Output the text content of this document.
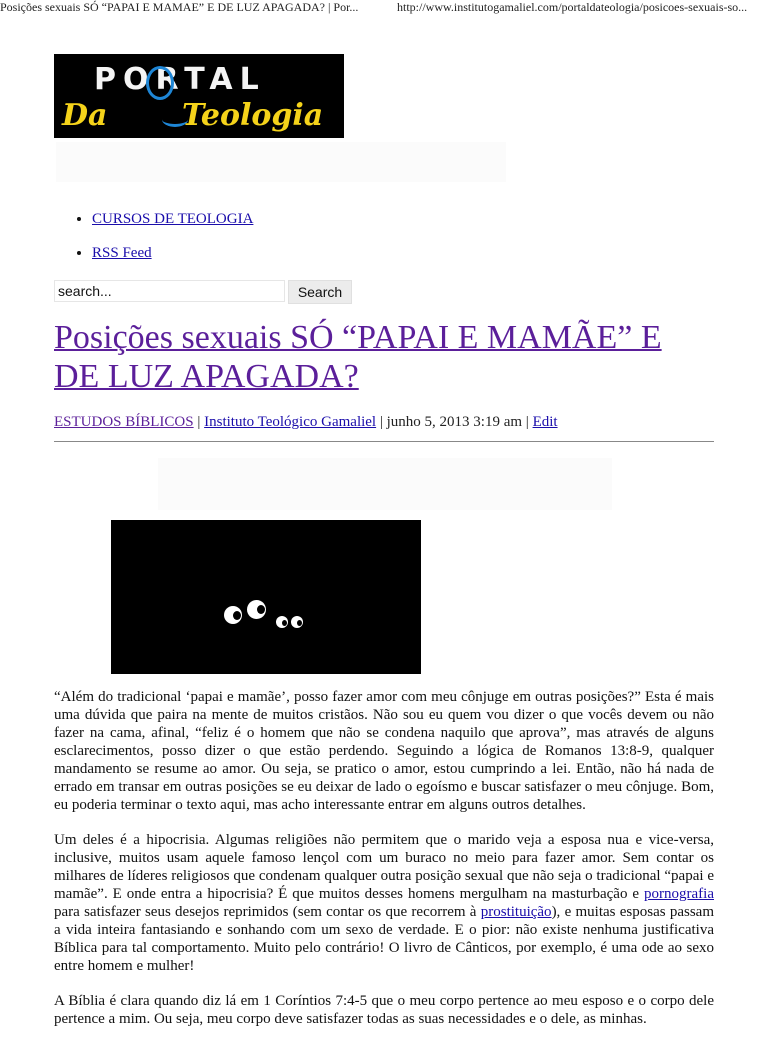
Posições sexuais SÓ “PAPAI E MAMAE” E DE LUZ APAGADA? | Por...	http://www.institutogamaliel.com/portaldateologia/posicoes-sexuais-so...
PORTAL
Da Teologia
• CURSOS DE TEOLOGIA
• RSS Feed
search...	Search
Posições sexuais SÓ “PAPAI E MAMÃE” E DE LUZ APAGADA?
ESTUDOS BÍBLICOS | Instituto Teológico Gamaliel | junho 5, 2013 3:19 am | Edit

“Além do tradicional ‘papai e mamãe’, posso fazer amor com meu cônjuge em outras posições?” Esta é mais uma dúvida que paira na mente de muitos cristãos. Não sou eu quem vou dizer o que vocês devem ou não fazer na cama, afinal, “feliz é o homem que não se condena naquilo que aprova”, mas através de alguns esclarecimentos, posso dizer o que estão perdendo. Seguindo a lógica de Romanos 13:8-9, qualquer mandamento se resume ao amor. Ou seja, se pratico o amor, estou cumprindo a lei. Então, não há nada de errado em transar em outras posições se eu deixar de lado o egoísmo e buscar satisfazer o meu cônjuge. Bom, eu poderia terminar o texto aqui, mas acho interessante entrar em alguns outros detalhes.

Um deles é a hipocrisia. Algumas religiões não permitem que o marido veja a esposa nua e vice-versa, inclusive, muitos usam aquele famoso lençol com um buraco no meio para fazer amor. Sem contar os milhares de líderes religiosos que condenam qualquer outra posição sexual que não seja o tradicional “papai e mamãe”. E onde entra a hipocrisia? É que muitos desses homens mergulham na masturbação e pornografia para satisfazer seus desejos reprimidos (sem contar os que recorrem à prostituição), e muitas esposas passam a vida inteira fantasiando e sonhando com um sexo de verdade. E o pior: não existe nenhuma justificativa Bíblica para tal comportamento. Muito pelo contrário! O livro de Cânticos, por exemplo, é uma ode ao sexo entre homem e mulher!

A Bíblia é clara quando diz lá em 1 Coríntios 7:4-5 que o meu corpo pertence ao meu esposo e o corpo dele pertence a mim. Ou seja, meu corpo deve satisfazer todas as suas necessidades e o dele, as minhas.
